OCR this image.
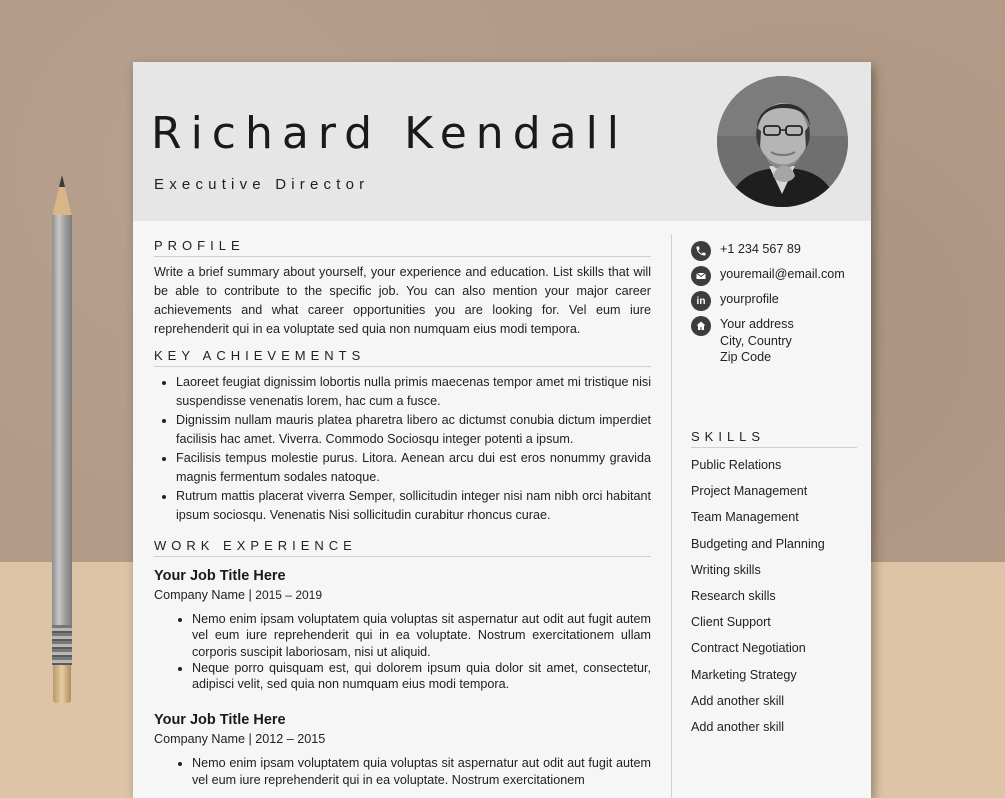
Richard Kendall
Executive Director
PROFILE
Write a brief summary about yourself, your experience and education. List skills that will be able to contribute to the specific job. You can also mention your major career achievements and what career opportunities you are looking for. Vel eum iure reprehenderit qui in ea voluptate sed quia non numquam eius modi tempora.
KEY ACHIEVEMENTS
• Laoreet feugiat dignissim lobortis nulla primis maecenas tempor amet mi tristique nisi suspendisse venenatis lorem, hac cum a fusce.
• Dignissim nullam mauris platea pharetra libero ac dictumst conubia dictum imperdiet facilisis hac amet. Viverra. Commodo Sociosqu integer potenti a ipsum.
• Facilisis tempus molestie purus. Litora. Aenean arcu dui est eros nonummy gravida magnis fermentum sodales natoque.
• Rutrum mattis placerat viverra Semper, sollicitudin integer nisi nam nibh orci habitant ipsum sociosqu. Venenatis Nisi sollicitudin curabitur rhoncus curae.
WORK EXPERIENCE
Your Job Title Here
Company Name | 2015 – 2019
• Nemo enim ipsam voluptatem quia voluptas sit aspernatur aut odit aut fugit autem vel eum iure reprehenderit qui in ea voluptate. Nostrum exercitationem ullam corporis suscipit laboriosam, nisi ut aliquid.
• Neque porro quisquam est, qui dolorem ipsum quia dolor sit amet, consectetur, adipisci velit, sed quia non numquam eius modi tempora.
Your Job Title Here
Company Name | 2012 – 2015
• Nemo enim ipsam voluptatem quia voluptas sit aspernatur aut odit aut fugit autem vel eum iure reprehenderit qui in ea voluptate. Nostrum exercitationem
+1 234 567 89
youremail@email.com
in	yourprofile
Your address
City, Country
Zip Code
SKILLS
Public Relations
Project Management
Team Management
Budgeting and Planning
Writing skills
Research skills
Client Support
Contract Negotiation
Marketing Strategy
Add another skill
Add another skill
